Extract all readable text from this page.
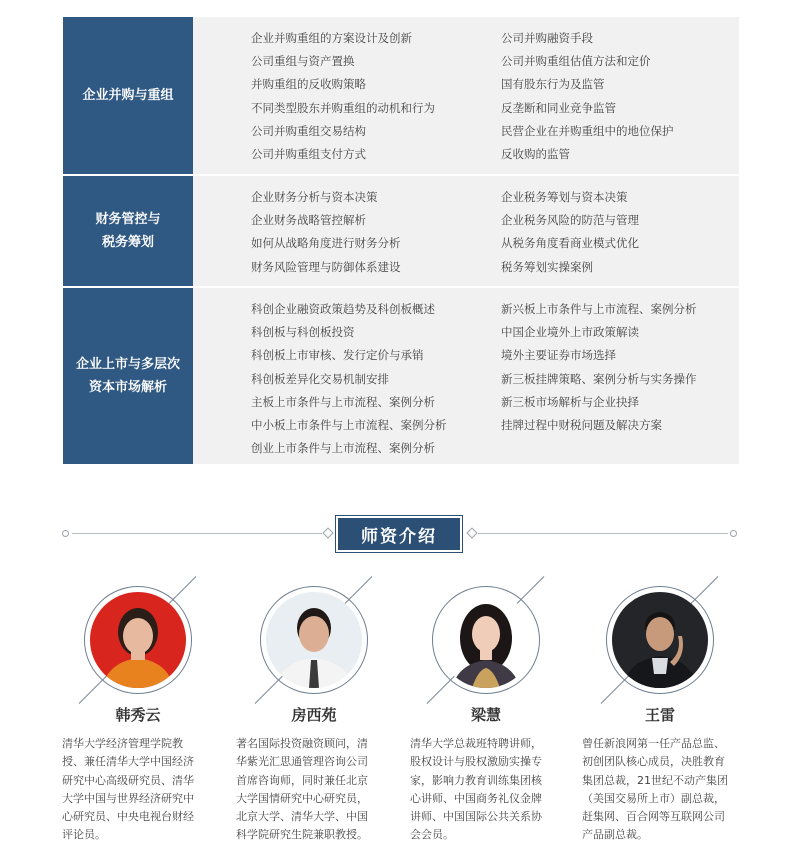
企业并购与重组
企业并购重组的方案设计及创新
公司重组与资产置换
并购重组的反收购策略
不同类型股东并购重组的动机和行为
公司并购重组交易结构
公司并购重组支付方式
公司并购融资手段
公司并购重组估值方法和定价
国有股东行为及监管
反垄断和同业竞争监管
民营企业在并购重组中的地位保护
反收购的监管
财务管控与
税务筹划
企业财务分析与资本决策
企业财务战略管控解析
如何从战略角度进行财务分析
财务风险管理与防御体系建设
企业税务筹划与资本决策
企业税务风险的防范与管理
从税务角度看商业模式优化
税务筹划实操案例
企业上市与多层次
资本市场解析
科创企业融资政策趋势及科创板概述
科创板与科创板投资
科创板上市审核、发行定价与承销
科创板差异化交易机制安排
主板上市条件与上市流程、案例分析
中小板上市条件与上市流程、案例分析
创业上市条件与上市流程、案例分析
新兴板上市条件与上市流程、案例分析
中国企业境外上市政策解读
境外主要证券市场选择
新三板挂牌策略、案例分析与实务操作
新三板市场解析与企业抉择
挂牌过程中财税问题及解决方案
师资介绍
韩秀云
清华大学经济管理学院教
授、兼任清华大学中国经济
研究中心高级研究员、清华
大学中国与世界经济研究中
心研究员、中央电视台财经
评论员。
房西苑
著名国际投资融资顾问，清
华紫光汇思通管理咨询公司
首席咨询师，同时兼任北京
大学国情研究中心研究员，
北京大学、清华大学、中国
科学院研究生院兼职教授。
梁慧
清华大学总裁班特聘讲师，
股权设计与股权激励实操专
家，影响力教育训练集团核
心讲师、中国商务礼仪金牌
讲师、中国国际公共关系协
会会员。
王雷
曾任新浪网第一任产品总监、
初创团队核心成员，决胜教育
集团总裁，21世纪不动产集团
（美国交易所上市）副总裁，
赶集网、百合网等互联网公司
产品副总裁。
